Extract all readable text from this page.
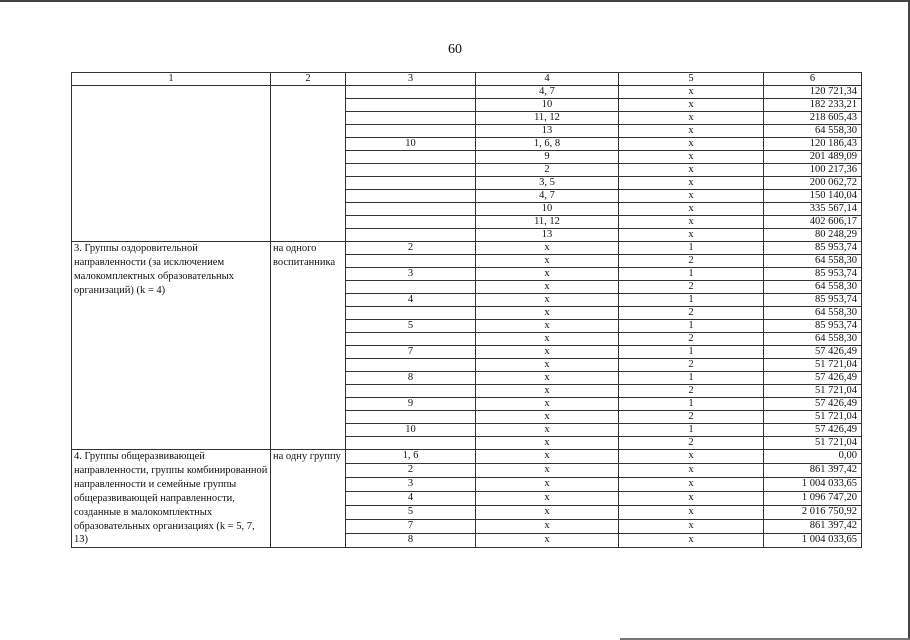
60
1	2	3	4	5	6
			4, 7	x	120 721,34
			10	x	182 233,21
			11, 12	x	218 605,43
			13	x	64 558,30
		10	1, 6, 8	x	120 186,43
			9	x	201 489,09
			2	x	100 217,36
			3, 5	x	200 062,72
			4, 7	x	150 140,04
			10	x	335 567,14
			11, 12	x	402 606,17
			13	x	80 248,29
3. Группы оздоровительной направленности (за исключением малокомплектных образовательных организаций) (k = 4)	на одного воспитанника	2	x	1	85 953,74
			x	2	64 558,30
		3	x	1	85 953,74
			x	2	64 558,30
		4	x	1	85 953,74
			x	2	64 558,30
		5	x	1	85 953,74
			x	2	64 558,30
		7	x	1	57 426,49
			x	2	51 721,04
		8	x	1	57 426,49
			x	2	51 721,04
		9	x	1	57 426,49
			x	2	51 721,04
		10	x	1	57 426,49
			x	2	51 721,04
4. Группы общеразвивающей направленности, группы комбинированной направленности и семейные группы общеразвивающей направленности, созданные в малокомплектных образовательных организациях (k = 5, 7, 13)	на одну группу	1, 6	x	x	0,00
		2	x	x	861 397,42
		3	x	x	1 004 033,65
		4	x	x	1 096 747,20
		5	x	x	2 016 750,92
		7	x	x	861 397,42
		8	x	x	1 004 033,65
